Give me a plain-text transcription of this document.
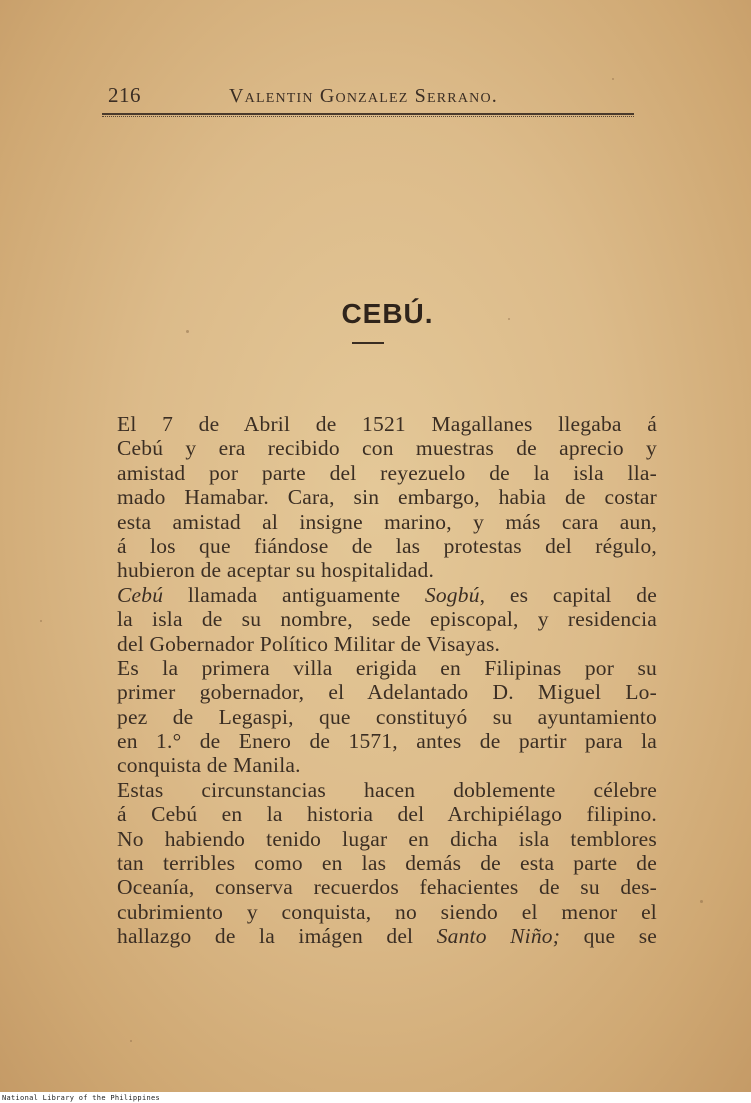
216	Valentin Gonzalez Serrano.
CEBÚ.
El 7 de Abril de 1521 Magallanes llegaba á
Cebú y era recibido con muestras de aprecio y
amistad por parte del reyezuelo de la isla lla-
mado Hamabar. Cara, sin embargo, habia de costar
esta amistad al insigne marino, y más cara aun,
á los que fiándose de las protestas del régulo,
hubieron de aceptar su hospitalidad.
Cebú llamada antiguamente Sogbú, es capital de
la isla de su nombre, sede episcopal, y residencia
del Gobernador Político Militar de Visayas.
Es la primera villa erigida en Filipinas por su
primer gobernador, el Adelantado D. Miguel Lo-
pez de Legaspi, que constituyó su ayuntamiento
en 1.° de Enero de 1571, antes de partir para la
conquista de Manila.
Estas circunstancias hacen doblemente célebre
á Cebú en la historia del Archipiélago filipino.
No habiendo tenido lugar en dicha isla temblores
tan terribles como en las demás de esta parte de
Oceanía, conserva recuerdos fehacientes de su des-
cubrimiento y conquista, no siendo el menor el
hallazgo de la imágen del Santo Niño; que se
National Library of the Philippines
